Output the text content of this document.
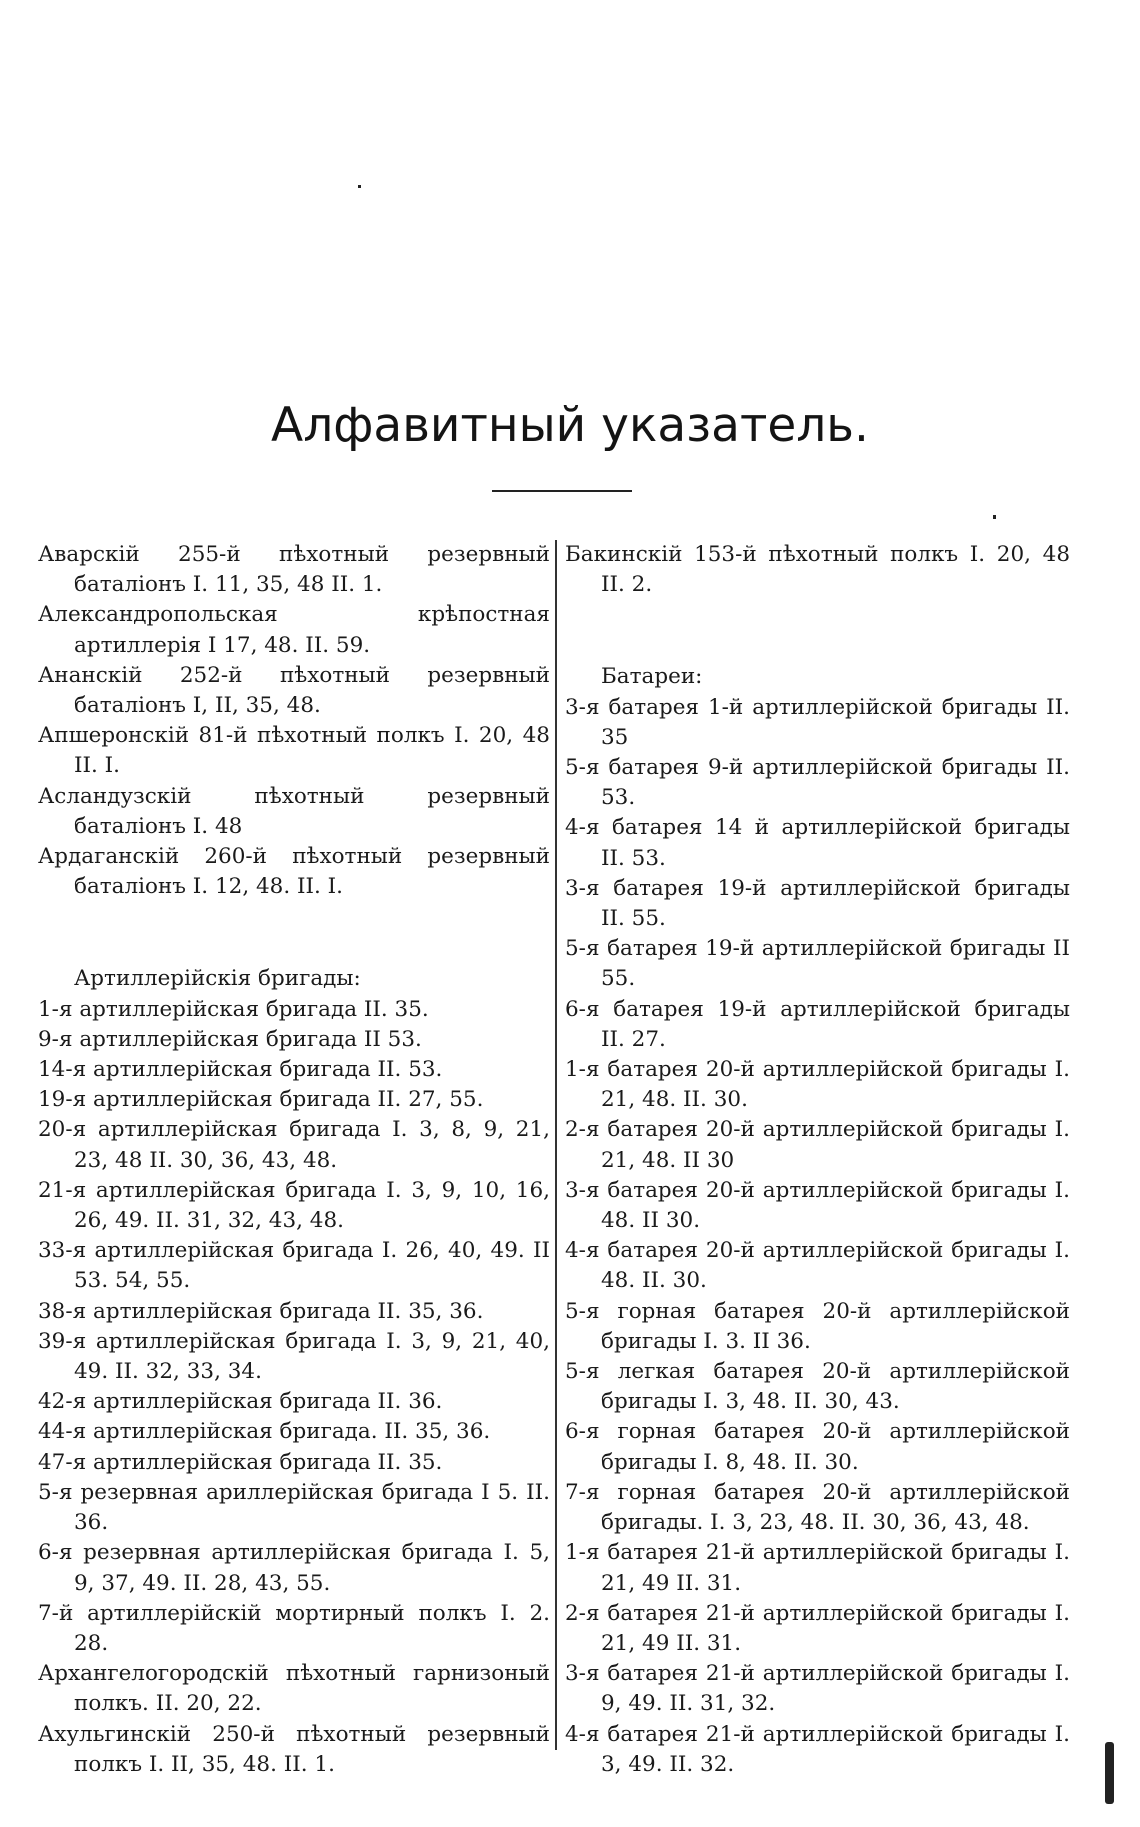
Алфавитный указатель.
Аварскій 255-й пѣхотный резервный баталіонъ I. 11, 35, 48 II. 1.
Александропольская крѣпостная артиллерія I 17, 48. II. 59.
Ананскій 252-й пѣхотный резервный баталіонъ I, II, 35, 48.
Апшеронскій 81-й пѣхотный полкъ I. 20, 48 II. I.
Асландузскій пѣхотный резервный баталіонъ I. 48
Ардаганскій 260-й пѣхотный резервный баталіонъ I. 12, 48. II. I.
Артиллерійскія бригады:
1-я артиллерійская бригада II. 35.
9-я артиллерійская бригада II 53.
14-я артиллерійская бригада II. 53.
19-я артиллерійская бригада II. 27, 55.
20-я артиллерійская бригада I. 3, 8, 9, 21, 23, 48 II. 30, 36, 43, 48.
21-я артиллерійская бригада I. 3, 9, 10, 16, 26, 49. II. 31, 32, 43, 48.
33-я артиллерійская бригада I. 26, 40, 49. II 53. 54, 55.
38-я артиллерійская бригада II. 35, 36.
39-я артиллерійская бригада I. 3, 9, 21, 40, 49. II. 32, 33, 34.
42-я артиллерійская бригада II. 36.
44-я артиллерійская бригада. II. 35, 36.
47-я артиллерійская бригада II. 35.
5-я резервная ариллерійская бригада I 5. II. 36.
6-я резервная артиллерійская бригада I. 5, 9, 37, 49. II. 28, 43, 55.
7-й артиллерійскій мортирный полкъ I. 2. 28.
Архангелогородскій пѣхотный гарнизоный полкъ. II. 20, 22.
Ахульгинскій 250-й пѣхотный резервный полкъ I. II, 35, 48. II. 1.
Бакинскій 153-й пѣхотный полкъ I. 20, 48 II. 2.
Батареи:
3-я батарея 1-й артиллерійской бригады II. 35
5-я батарея 9-й артиллерійской бригады II. 53.
4-я батарея 14 й артиллерійской бригады II. 53.
3-я батарея 19-й артиллерійской бригады II. 55.
5-я батарея 19-й артиллерійской бригады II 55.
6-я батарея 19-й артиллерійской бригады II. 27.
1-я батарея 20-й артиллерійской бригады I. 21, 48. II. 30.
2-я батарея 20-й артиллерійской бригады I. 21, 48. II 30
3-я батарея 20-й артиллерійской бригады I. 48. II 30.
4-я батарея 20-й артиллерійской бригады I. 48. II. 30.
5-я горная батарея 20-й артиллерійской бригады I. 3. II 36.
5-я легкая батарея 20-й артиллерійской бригады I. 3, 48. II. 30, 43.
6-я горная батарея 20-й артиллерійской бригады I. 8, 48. II. 30.
7-я горная батарея 20-й артиллерійской бригады. I. 3, 23, 48. II. 30, 36, 43, 48.
1-я батарея 21-й артиллерійской бригады I. 21, 49 II. 31.
2-я батарея 21-й артиллерійской бригады I. 21, 49 II. 31.
3-я батарея 21-й артиллерійской бригады I. 9, 49. II. 31, 32.
4-я батарея 21-й артиллерійской бригады I. 3, 49. II. 32.
